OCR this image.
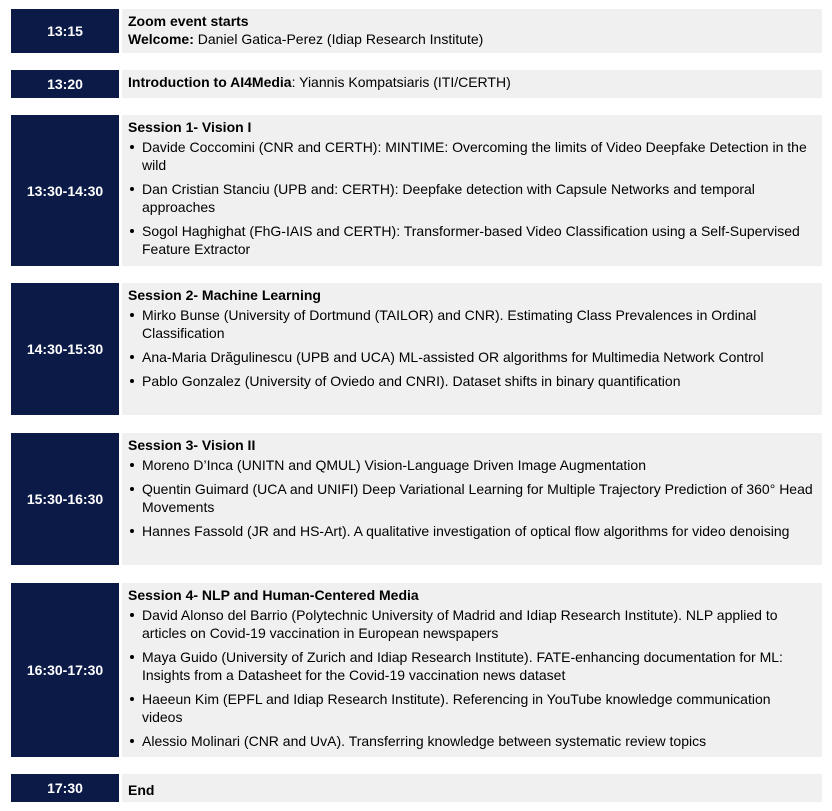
13:15
Zoom event starts
Welcome: Daniel Gatica-Perez (Idiap Research Institute)
13:20	Introduction to AI4Media: Yiannis Kompatsiaris (ITI/CERTH)
13:30-14:30
Session 1- Vision I
Davide Coccomini (CNR and CERTH): MINTIME: Overcoming the limits of Video Deepfake Detection in the wild
Dan Cristian Stanciu (UPB and: CERTH): Deepfake detection with Capsule Networks and temporal approaches
Sogol Haghighat (FhG-IAIS and CERTH): Transformer-based Video Classification using a Self-Supervised Feature Extractor
14:30-15:30
Session 2- Machine Learning
Mirko Bunse (University of Dortmund (TAILOR) and CNR). Estimating Class Prevalences in Ordinal Classification
Ana-Maria Drăgulinescu (UPB and UCA) ML-assisted OR algorithms for Multimedia Network Control
Pablo Gonzalez (University of Oviedo and CNRI). Dataset shifts in binary quantification
15:30-16:30
Session 3- Vision II
Moreno D’Inca (UNITN and QMUL) Vision-Language Driven Image Augmentation
Quentin Guimard (UCA and UNIFI) Deep Variational Learning for Multiple Trajectory Prediction of 360° Head Movements
Hannes Fassold (JR and HS-Art). A qualitative investigation of optical flow algorithms for video denoising
16:30-17:30
Session 4- NLP and Human-Centered Media
David Alonso del Barrio (Polytechnic University of Madrid and Idiap Research Institute). NLP applied to articles on Covid-19 vaccination in European newspapers
Maya Guido (University of Zurich and Idiap Research Institute). FATE-enhancing documentation for ML: Insights from a Datasheet for the Covid-19 vaccination news dataset
Haeeun Kim (EPFL and Idiap Research Institute). Referencing in YouTube knowledge communication videos
Alessio Molinari (CNR and UvA). Transferring knowledge between systematic review topics
17:30	End
